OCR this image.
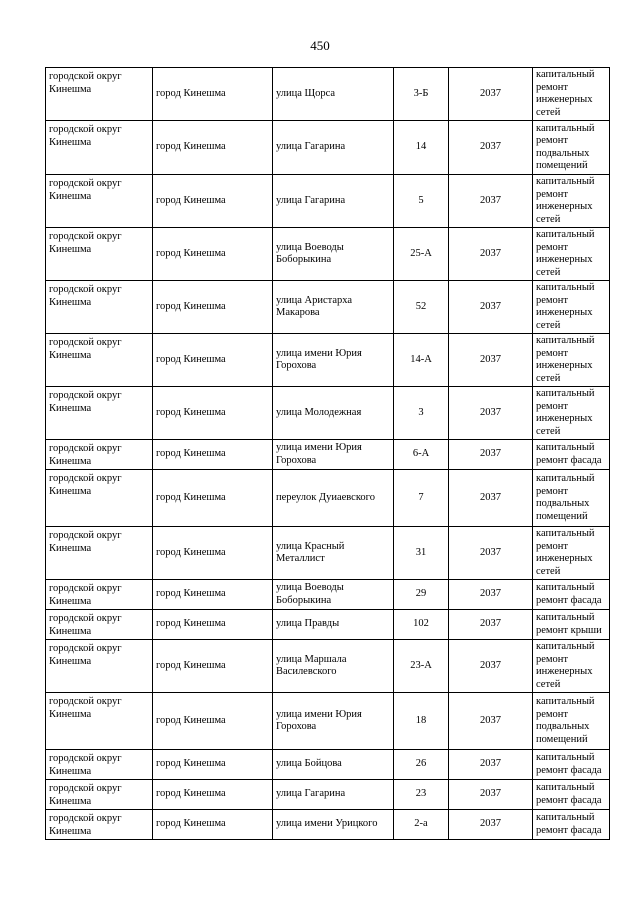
450
городской округ Кинешма	город Кинешма	улица Щорса	3-Б	2037	капитальный ремонт инженерных сетей
городской округ Кинешма	город Кинешма	улица Гагарина	14	2037	капитальный ремонт подвальных помещений
городской округ Кинешма	город Кинешма	улица Гагарина	5	2037	капитальный ремонт инженерных сетей
городской округ Кинешма	город Кинешма	улица Воеводы Боборыкина	25-А	2037	капитальный ремонт инженерных сетей
городской округ Кинешма	город Кинешма	улица Аристарха Макарова	52	2037	капитальный ремонт инженерных сетей
городской округ Кинешма	город Кинешма	улица имени Юрия Горохова	14-А	2037	капитальный ремонт инженерных сетей
городской округ Кинешма	город Кинешма	улица Молодежная	3	2037	капитальный ремонт инженерных сетей
городской округ Кинешма	город Кинешма	улица имени Юрия Горохова	6-А	2037	капитальный ремонт фасада
городской округ Кинешма	город Кинешма	переулок Дуиаевского	7	2037	капитальный ремонт подвальных помещений
городской округ Кинешма	город Кинешма	улица Красный Металлист	31	2037	капитальный ремонт инженерных сетей
городской округ Кинешма	город Кинешма	улица Воеводы Боборыкина	29	2037	капитальный ремонт фасада
городской округ Кинешма	город Кинешма	улица Правды	102	2037	капитальный ремонт крыши
городской округ Кинешма	город Кинешма	улица Маршала Василевского	23-А	2037	капитальный ремонт инженерных сетей
городской округ Кинешма	город Кинешма	улица имени Юрия Горохова	18	2037	капитальный ремонт подвальных помещений
городской округ Кинешма	город Кинешма	улица Бойцова	26	2037	капитальный ремонт фасада
городской округ Кинешма	город Кинешма	улица Гагарина	23	2037	капитальный ремонт фасада
городской округ Кинешма	город Кинешма	улица имени Урицкого	2-а	2037	капитальный ремонт фасада
